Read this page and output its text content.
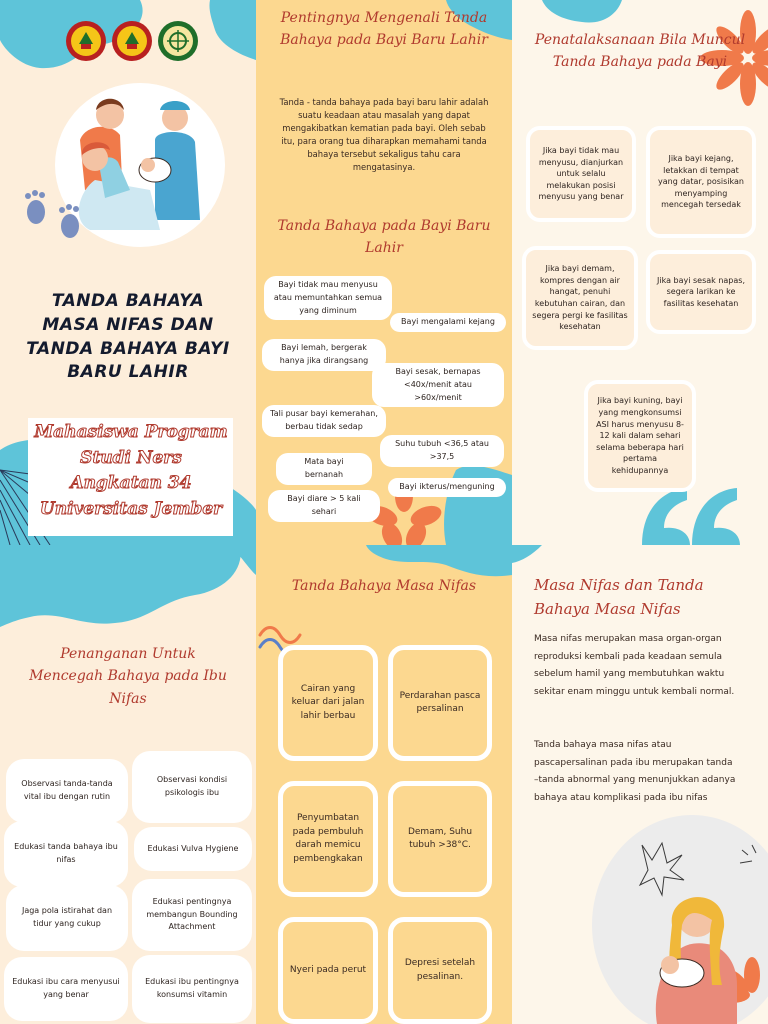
TANDA BAHAYA MASA NIFAS DAN TANDA BAHAYA BAYI BARU LAHIR
Mahasiswa Program Studi Ners Angkatan 34 Universitas Jember
Pentingnya Mengenali Tanda Bahaya pada Bayi Baru Lahir
Tanda - tanda bahaya pada bayi baru lahir adalah suatu keadaan atau masalah yang dapat mengakibatkan kematian pada bayi. Oleh sebab itu, para orang tua diharapkan memahami tanda bahaya tersebut sekaligus tahu cara mengatasinya.
Tanda Bahaya pada Bayi Baru Lahir
Bayi tidak mau menyusu atau memuntahkan semua yang diminum
Bayi mengalami kejang
Bayi lemah, bergerak hanya jika dirangsang
Bayi sesak, bernapas <40x/menit atau >60x/menit
Tali pusar bayi kemerahan, berbau tidak sedap
Suhu tubuh <36,5 atau >37,5
Mata bayi bernanah
Bayi ikterus/menguning
Bayi diare > 5 kali sehari
Penatalaksanaan Bila Muncul Tanda Bahaya pada Bayi
Jika bayi tidak mau menyusu, dianjurkan untuk selalu melakukan posisi menyusu yang benar
Jika bayi kejang, letakkan di tempat yang datar, posisikan menyamping mencegah tersedak
Jika bayi demam, kompres dengan air hangat, penuhi kebutuhan cairan, dan segera pergi ke fasilitas kesehatan
Jika bayi sesak napas, segera larikan ke fasilitas kesehatan
Jika bayi kuning, bayi yang mengkonsumsi ASI harus menyusu 8-12 kali dalam sehari selama beberapa hari pertama kehidupannya
Penanganan Untuk Mencegah Bahaya pada Ibu Nifas
Observasi tanda-tanda vital ibu dengan rutin
Observasi kondisi psikologis ibu
Edukasi tanda bahaya ibu nifas
Edukasi Vulva Hygiene
Jaga pola istirahat dan tidur yang cukup
Edukasi pentingnya membangun Bounding Attachment
Edukasi ibu cara menyusui yang benar
Edukasi ibu pentingnya konsumsi vitamin
Tanda Bahaya Masa Nifas
Cairan yang keluar dari jalan lahir berbau
Perdarahan pasca persalinan
Penyumbatan pada pembuluh darah memicu pembengkakan
Demam, Suhu tubuh >38°C.
Nyeri pada perut
Depresi setelah pesalinan.
Masa Nifas dan Tanda Bahaya Masa Nifas
Masa nifas merupakan masa organ-organ reproduksi kembali pada keadaan semula sebelum hamil yang membutuhkan waktu sekitar enam minggu untuk kembali normal.
Tanda bahaya masa nifas atau pascapersalinan pada ibu merupakan tanda –tanda abnormal yang menunjukkan adanya bahaya atau komplikasi pada ibu nifas
